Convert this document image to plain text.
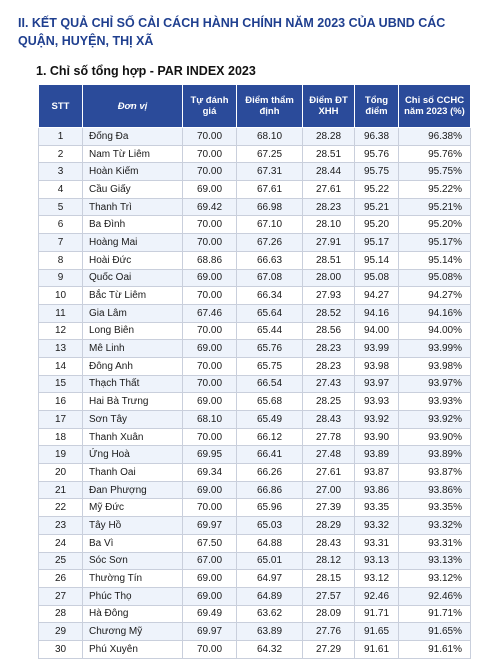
II. KẾT QUẢ CHỈ SỐ CẢI CÁCH HÀNH CHÍNH NĂM 2023 CỦA UBND CÁC QUẬN, HUYỆN, THỊ XÃ
1. Chỉ số tổng hợp - PAR INDEX 2023
STT	Đơn vị	Tự đánh giá	Điểm thẩm định	Điểm ĐT XHH	Tổng điểm	Chỉ số CCHC năm 2023 (%)
1	Đống Đa	70.00	68.10	28.28	96.38	96.38%
2	Nam Từ Liêm	70.00	67.25	28.51	95.76	95.76%
3	Hoàn Kiếm	70.00	67.31	28.44	95.75	95.75%
4	Cầu Giấy	69.00	67.61	27.61	95.22	95.22%
5	Thanh Trì	69.42	66.98	28.23	95.21	95.21%
6	Ba Đình	70.00	67.10	28.10	95.20	95.20%
7	Hoàng Mai	70.00	67.26	27.91	95.17	95.17%
8	Hoài Đức	68.86	66.63	28.51	95.14	95.14%
9	Quốc Oai	69.00	67.08	28.00	95.08	95.08%
10	Bắc Từ Liêm	70.00	66.34	27.93	94.27	94.27%
11	Gia Lâm	67.46	65.64	28.52	94.16	94.16%
12	Long Biên	70.00	65.44	28.56	94.00	94.00%
13	Mê Linh	69.00	65.76	28.23	93.99	93.99%
14	Đông Anh	70.00	65.75	28.23	93.98	93.98%
15	Thạch Thất	70.00	66.54	27.43	93.97	93.97%
16	Hai Bà Trưng	69.00	65.68	28.25	93.93	93.93%
17	Sơn Tây	68.10	65.49	28.43	93.92	93.92%
18	Thanh Xuân	70.00	66.12	27.78	93.90	93.90%
19	Ứng Hoà	69.95	66.41	27.48	93.89	93.89%
20	Thanh Oai	69.34	66.26	27.61	93.87	93.87%
21	Đan Phượng	69.00	66.86	27.00	93.86	93.86%
22	Mỹ Đức	70.00	65.96	27.39	93.35	93.35%
23	Tây Hồ	69.97	65.03	28.29	93.32	93.32%
24	Ba Vì	67.50	64.88	28.43	93.31	93.31%
25	Sóc Sơn	67.00	65.01	28.12	93.13	93.13%
26	Thường Tín	69.00	64.97	28.15	93.12	93.12%
27	Phúc Thọ	69.00	64.89	27.57	92.46	92.46%
28	Hà Đông	69.49	63.62	28.09	91.71	91.71%
29	Chương Mỹ	69.97	63.89	27.76	91.65	91.65%
30	Phú Xuyên	70.00	64.32	27.29	91.61	91.61%
